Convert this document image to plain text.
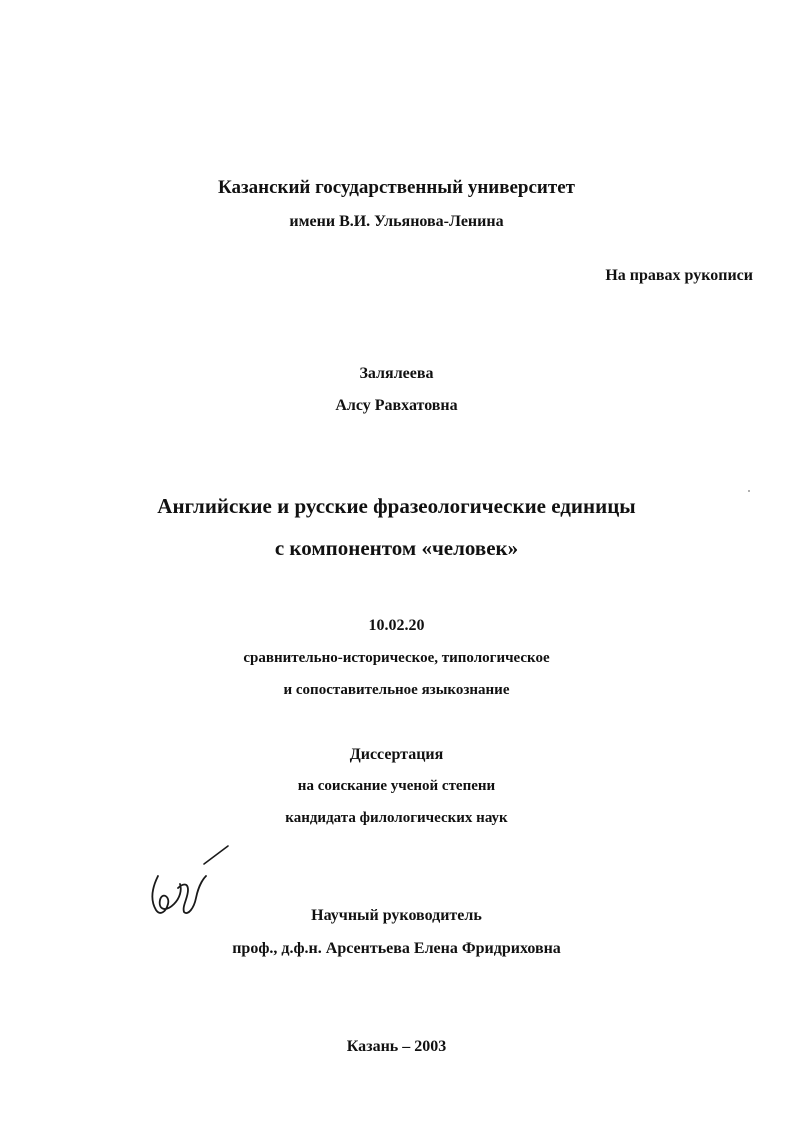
Казанский государственный университет
имени В.И. Ульянова-Ленина
На правах рукописи
Залялеева
Алсу Равхатовна
Английские и русские фразеологические единицы
с компонентом «человек»
10.02.20
сравнительно-историческое, типологическое
и сопоставительное языкознание
Диссертация
на соискание ученой степени
кандидата филологических наук
Научный руководитель
проф., д.ф.н. Арсентьева Елена Фридриховна
Казань – 2003
